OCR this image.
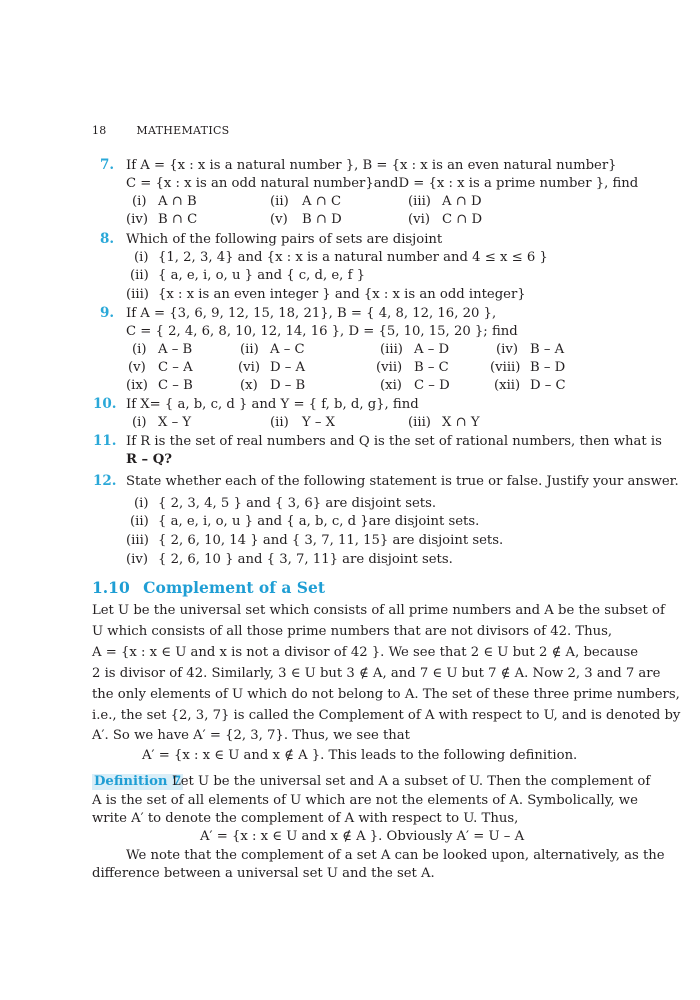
18	MATHEMATICS
7. If A = {x : x is a natural number }, B = {x : x is an even natural number}
C = {x : x is an odd natural number}andD = {x : x is a prime number }, find
(i) A ∩ B	(ii) A ∩ C	(iii) A ∩ D
(iv) B ∩ C	(v) B ∩ D	(vi) C ∩ D
8. Which of the following pairs of sets are disjoint
(i) {1, 2, 3, 4} and {x : x is a natural number and 4 ≤ x ≤ 6 }
(ii) { a, e, i, o, u } and { c, d, e, f }
(iii) {x : x is an even integer } and {x : x is an odd integer}
9. If A = {3, 6, 9, 12, 15, 18, 21}, B = { 4, 8, 12, 16, 20 },
C = { 2, 4, 6, 8, 10, 12, 14, 16 }, D = {5, 10, 15, 20 }; find
(i) A – B	(ii) A – C	(iii) A – D	(iv) B – A
(v) C – A	(vi) D – A	(vii) B – C	(viii) B – D
(ix) C – B	(x) D – B	(xi) C – D	(xii) D – C
10. If X= { a, b, c, d } and Y = { f, b, d, g}, find
(i) X – Y	(ii) Y – X	(iii) X ∩ Y
11. If R is the set of real numbers and Q is the set of rational numbers, then what is
R – Q?
12. State whether each of the following statement is true or false. Justify your answer.
(i) { 2, 3, 4, 5 } and { 3, 6} are disjoint sets.
(ii) { a, e, i, o, u } and { a, b, c, d }are disjoint sets.
(iii) { 2, 6, 10, 14 } and { 3, 7, 11, 15} are disjoint sets.
(iv) { 2, 6, 10 } and { 3, 7, 11} are disjoint sets.
1.10 Complement of a Set
Let U be the universal set which consists of all prime numbers and A be the subset of
U which consists of all those prime numbers that are not divisors of 42. Thus,
A = {x : x ∈ U and x is not a divisor of 42 }. We see that 2 ∈ U but 2 ∉ A, because
2 is divisor of 42. Similarly, 3 ∈ U but 3 ∉ A, and 7 ∈ U but 7 ∉ A. Now 2, 3 and 7 are
the only elements of U which do not belong to A. The set of these three prime numbers,
i.e., the set {2, 3, 7} is called the Complement of A with respect to U, and is denoted by
A′. So we have A′ = {2, 3, 7}. Thus, we see that
A′ = {x : x ∈ U and x ∉ A }. This leads to the following definition.
Definition 7
Let U be the universal set and A a subset of U. Then the complement of
A is the set of all elements of U which are not the elements of A. Symbolically, we
write A′ to denote the complement of A with respect to U. Thus,
A′ = {x : x ∈ U and x ∉ A }. Obviously A′ = U – A
We note that the complement of a set A can be looked upon, alternatively, as the
difference between a universal set U and the set A.
